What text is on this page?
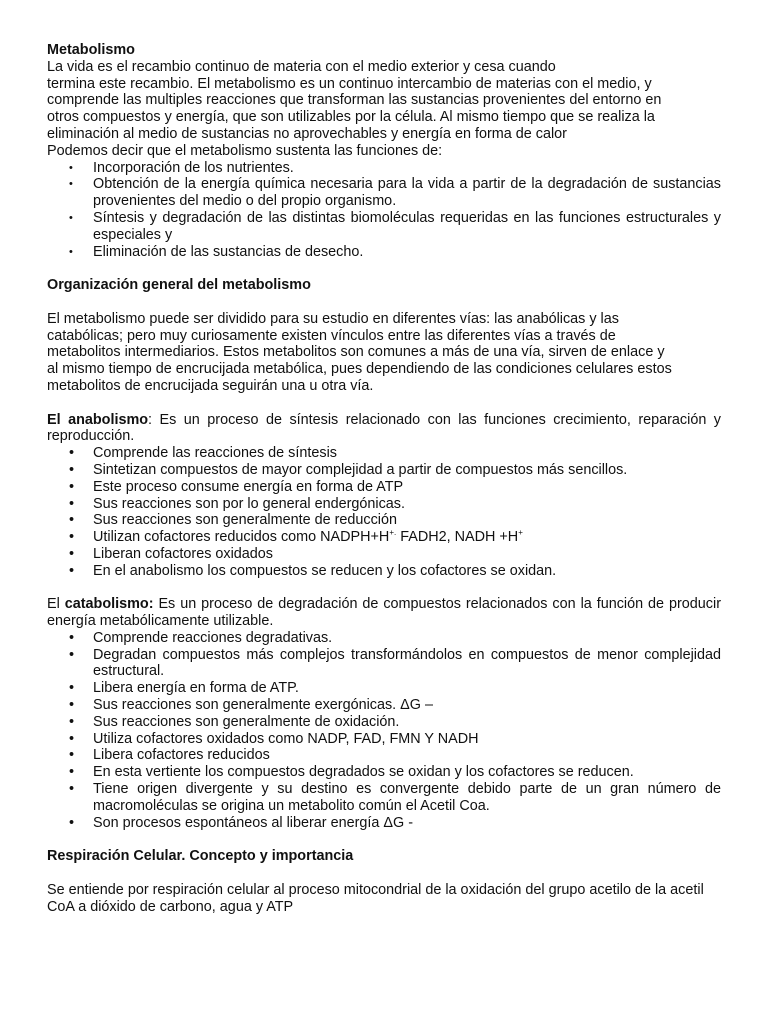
Metabolismo
La vida es el recambio continuo de materia con el medio exterior y cesa cuando
termina este recambio. El metabolismo es un continuo intercambio de materias con el medio, y
comprende las multiples reacciones que transforman las sustancias provenientes del entorno en
otros compuestos y energía, que son utilizables por la célula. Al mismo tiempo que se realiza la
eliminación al medio de sustancias no aprovechables y energía en forma de calor
Podemos decir que el metabolismo sustenta las funciones de:
• Incorporación de los nutrientes.
• Obtención de la energía química necesaria para la vida a partir de la degradación de sustancias provenientes del medio o del propio organismo.
• Síntesis y degradación de las distintas biomoléculas requeridas en las funciones estructurales y especiales y
• Eliminación de las sustancias de desecho.
Organización general del metabolismo
El metabolismo puede ser dividido para su estudio en diferentes vías: las anabólicas y las
catabólicas; pero muy curiosamente existen vínculos entre las diferentes vías a través de
metabolitos intermediarios. Estos metabolitos son comunes a más de una vía, sirven de enlace y
al mismo tiempo de encrucijada metabólica, pues dependiendo de las condiciones celulares estos
metabolitos de encrucijada seguirán una u otra vía.

El anabolismo: Es un proceso de síntesis relacionado con las funciones crecimiento, reparación y reproducción.

• Comprende las reacciones de síntesis
• Sintetizan compuestos de mayor complejidad a partir de compuestos más sencillos.
• Este proceso consume energía en forma de ATP
• Sus reacciones son por lo general endergónicas.
• Sus reacciones son generalmente de reducción
• Utilizan cofactores reducidos como NADPH+H+. FADH2, NADH +H+
• Liberan cofactores oxidados
• En el anabolismo los compuestos se reducen y los cofactores se oxidan.

El catabolismo: Es un proceso de degradación de compuestos relacionados con la función de producir energía metabólicamente utilizable.

• Comprende reacciones degradativas.
• Degradan compuestos más complejos transformándolos en compuestos de menor complejidad estructural.
• Libera energía en forma de ATP.
• Sus reacciones son generalmente exergónicas. ΔG –
• Sus reacciones son generalmente de oxidación.
• Utiliza cofactores oxidados como NADP, FAD, FMN Y NADH
• Libera cofactores reducidos
• En esta vertiente los compuestos degradados se oxidan y los cofactores se reducen.
• Tiene origen divergente y su destino es convergente debido parte de un gran número de macromoléculas se origina un metabolito común el Acetil Coa.
• Son procesos espontáneos al liberar energía ΔG -
Respiración Celular. Concepto y importancia

Se entiende por respiración celular al proceso mitocondrial de la oxidación del grupo acetilo de la acetil CoA a dióxido de carbono, agua y ATP
